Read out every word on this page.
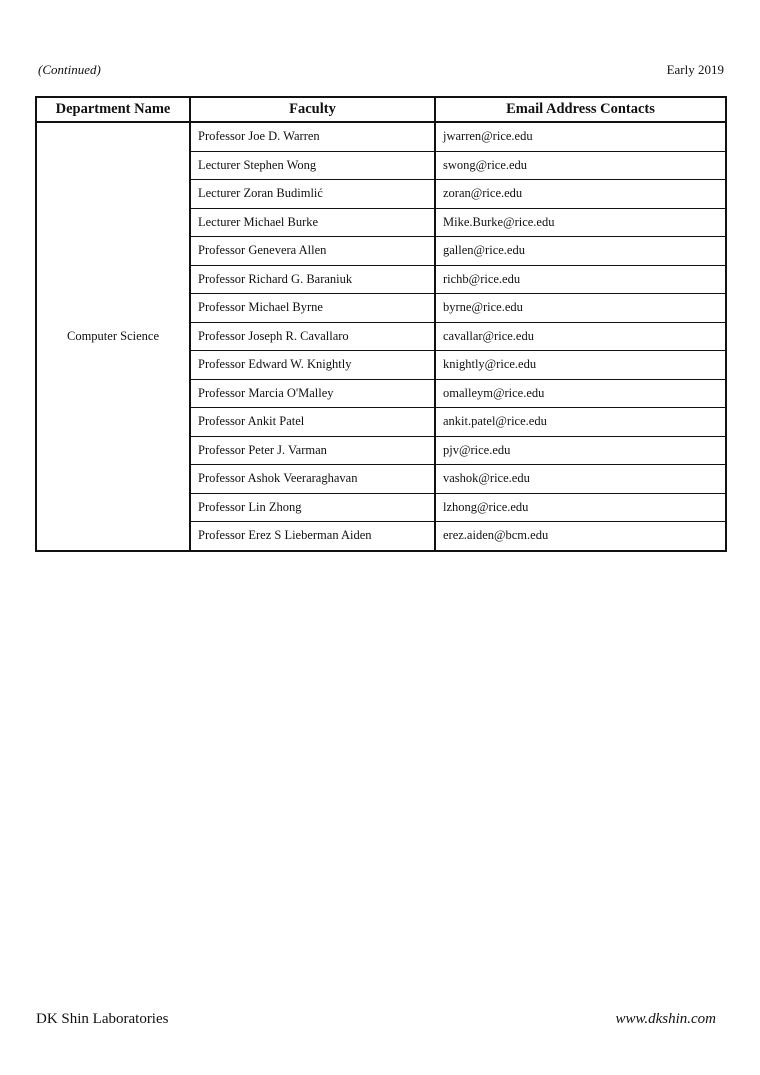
(Continued)	Early 2019
Department Name	Faculty	Email Address Contacts
Computer Science	Professor Joe D. Warren	jwarren@rice.edu
	Lecturer Stephen Wong	swong@rice.edu
	Lecturer Zoran Budimlić	zoran@rice.edu
	Lecturer Michael Burke	Mike.Burke@rice.edu
	Professor Genevera Allen	gallen@rice.edu
	Professor Richard G. Baraniuk	richb@rice.edu
	Professor Michael Byrne	byrne@rice.edu
	Professor Joseph R. Cavallaro	cavallar@rice.edu
	Professor Edward W. Knightly	knightly@rice.edu
	Professor Marcia O'Malley	omalleym@rice.edu
	Professor Ankit Patel	ankit.patel@rice.edu
	Professor Peter J. Varman	pjv@rice.edu
	Professor Ashok Veeraraghavan	vashok@rice.edu
	Professor Lin Zhong	lzhong@rice.edu
	Professor Erez S Lieberman Aiden	erez.aiden@bcm.edu
DK Shin Laboratories	www.dkshin.com
